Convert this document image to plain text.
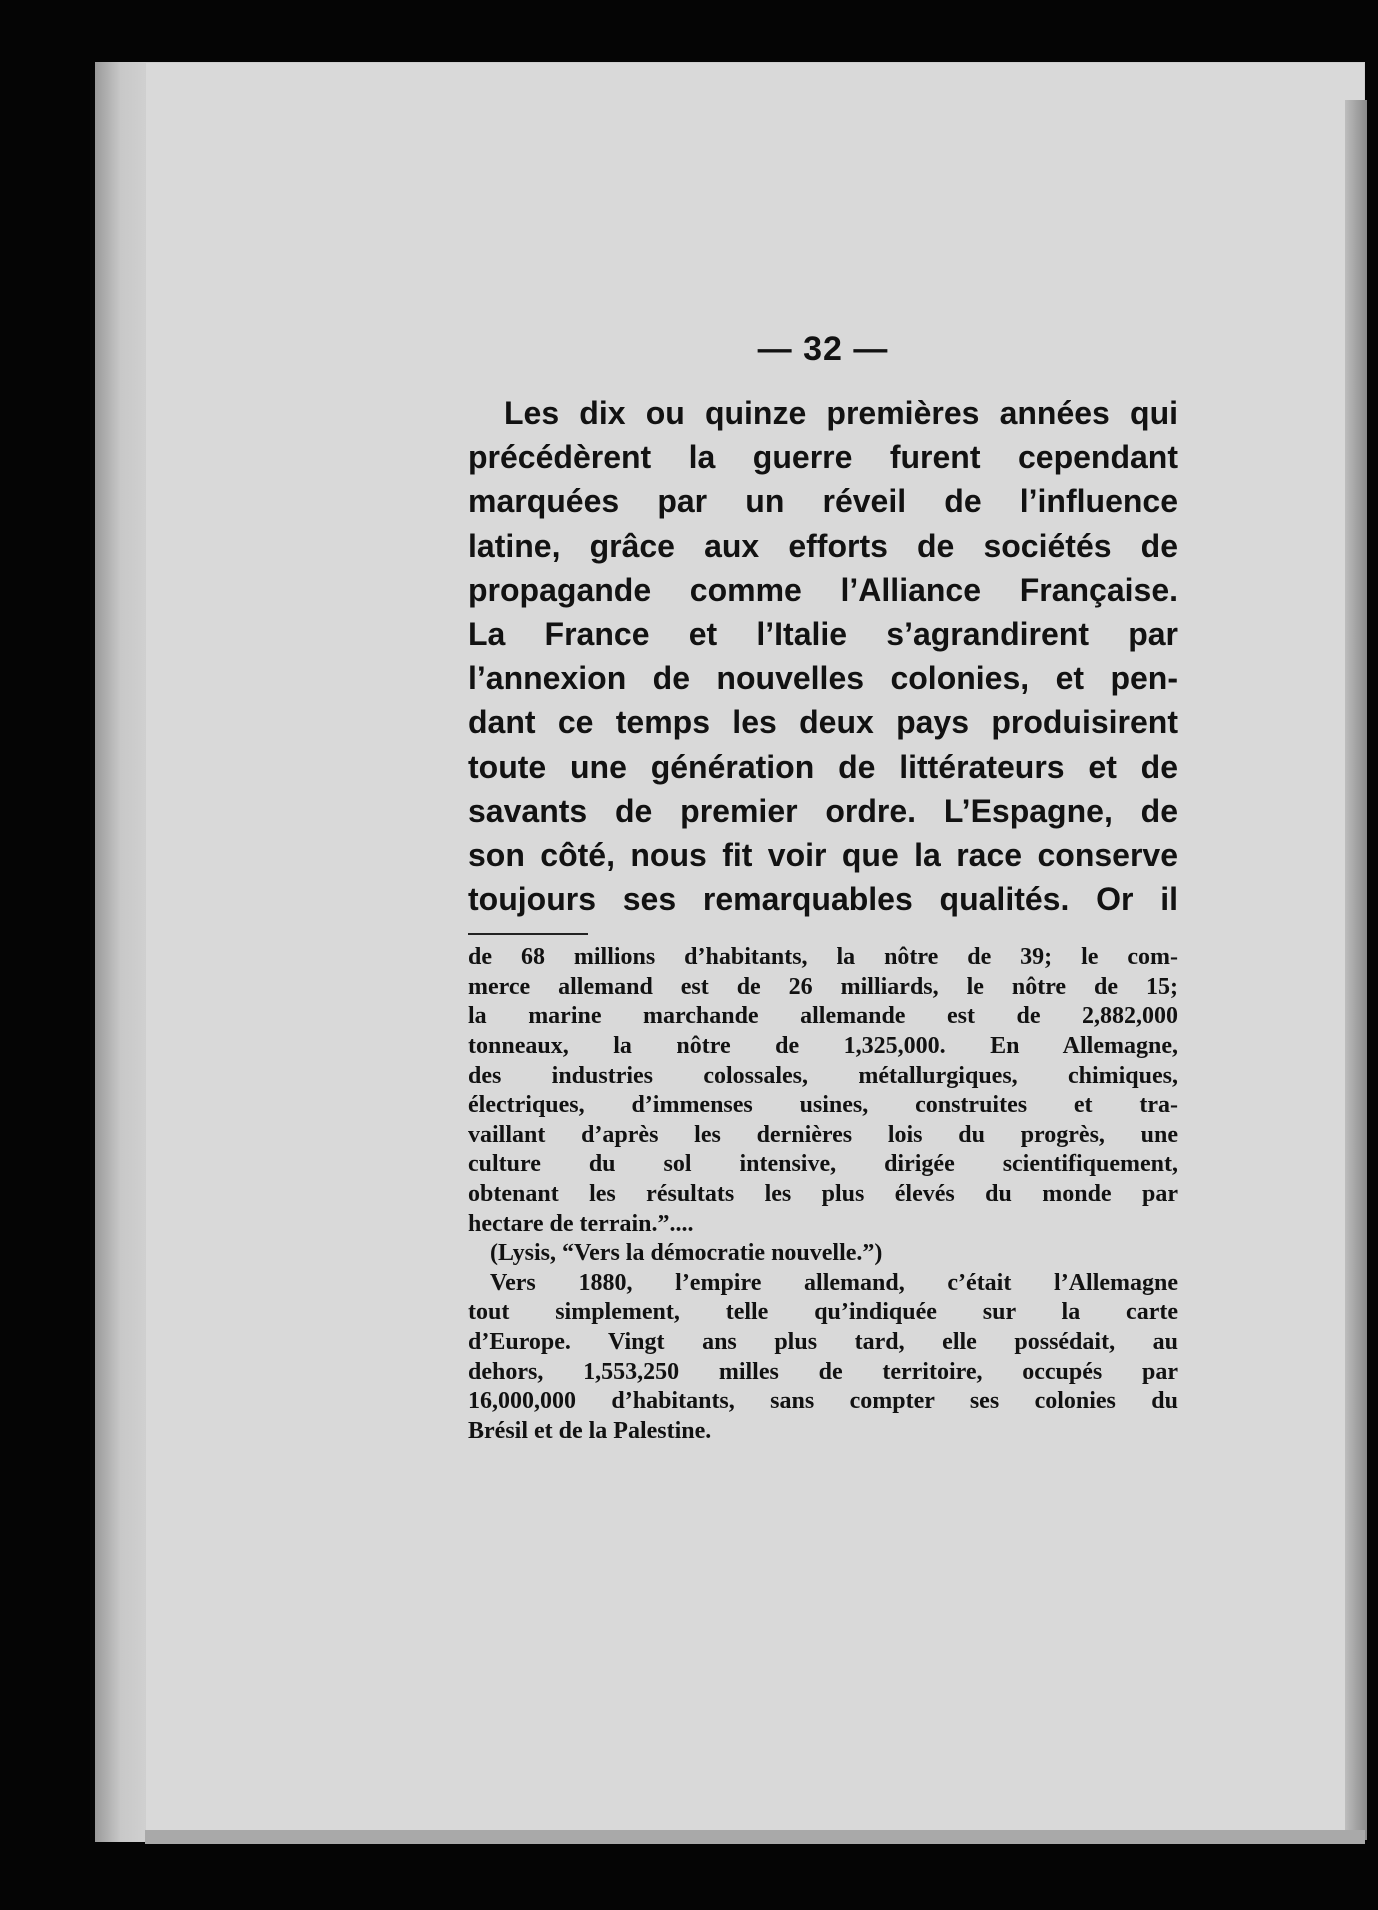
— 32 —
Les dix ou quinze premières années qui
précédèrent la guerre furent cependant
marquées par un réveil de l’influence
latine, grâce aux efforts de sociétés de
propagande comme l’Alliance Française.
La France et l’Italie s’agrandirent par
l’annexion de nouvelles colonies, et pen-
dant ce temps les deux pays produisirent
toute une génération de littérateurs et de
savants de premier ordre. L’Espagne, de
son côté, nous fit voir que la race conserve
toujours ses remarquables qualités. Or il
de 68 millions d’habitants, la nôtre de 39; le com-
merce allemand est de 26 milliards, le nôtre de 15;
la marine marchande allemande est de 2,882,000
tonneaux, la nôtre de 1,325,000. En Allemagne,
des industries colossales, métallurgiques, chimiques,
électriques, d’immenses usines, construites et tra-
vaillant d’après les dernières lois du progrès, une
culture du sol intensive, dirigée scientifiquement,
obtenant les résultats les plus élevés du monde par
hectare de terrain.”....
(Lysis, “Vers la démocratie nouvelle.”)
Vers 1880, l’empire allemand, c’était l’Allemagne
tout simplement, telle qu’indiquée sur la carte
d’Europe. Vingt ans plus tard, elle possédait, au
dehors, 1,553,250 milles de territoire, occupés par
16,000,000 d’habitants, sans compter ses colonies du
Brésil et de la Palestine.
